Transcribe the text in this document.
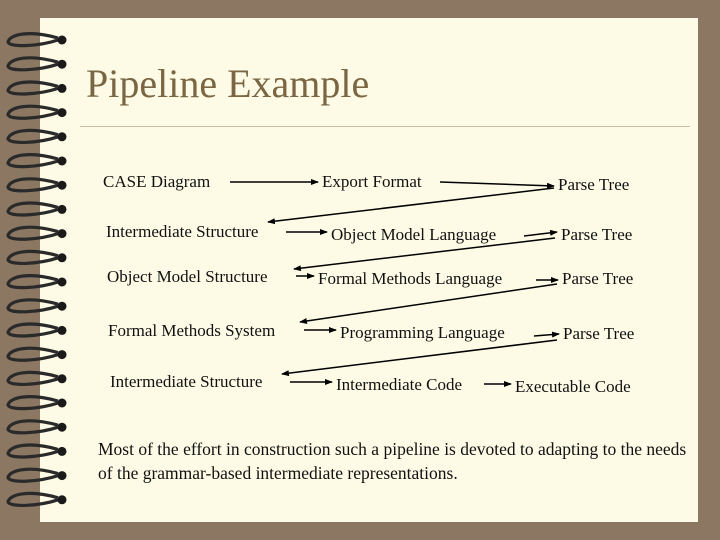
Pipeline Example
CASE Diagram	Export Format	Parse Tree
Intermediate Structure	Object Model Language	Parse Tree
Object Model Structure	Formal Methods Language	Parse Tree
Formal Methods System	Programming Language	Parse Tree
Intermediate Structure	Intermediate Code	Executable Code
Most of the effort in construction such a pipeline is devoted to adapting to the needs of the grammar-based intermediate representations.
